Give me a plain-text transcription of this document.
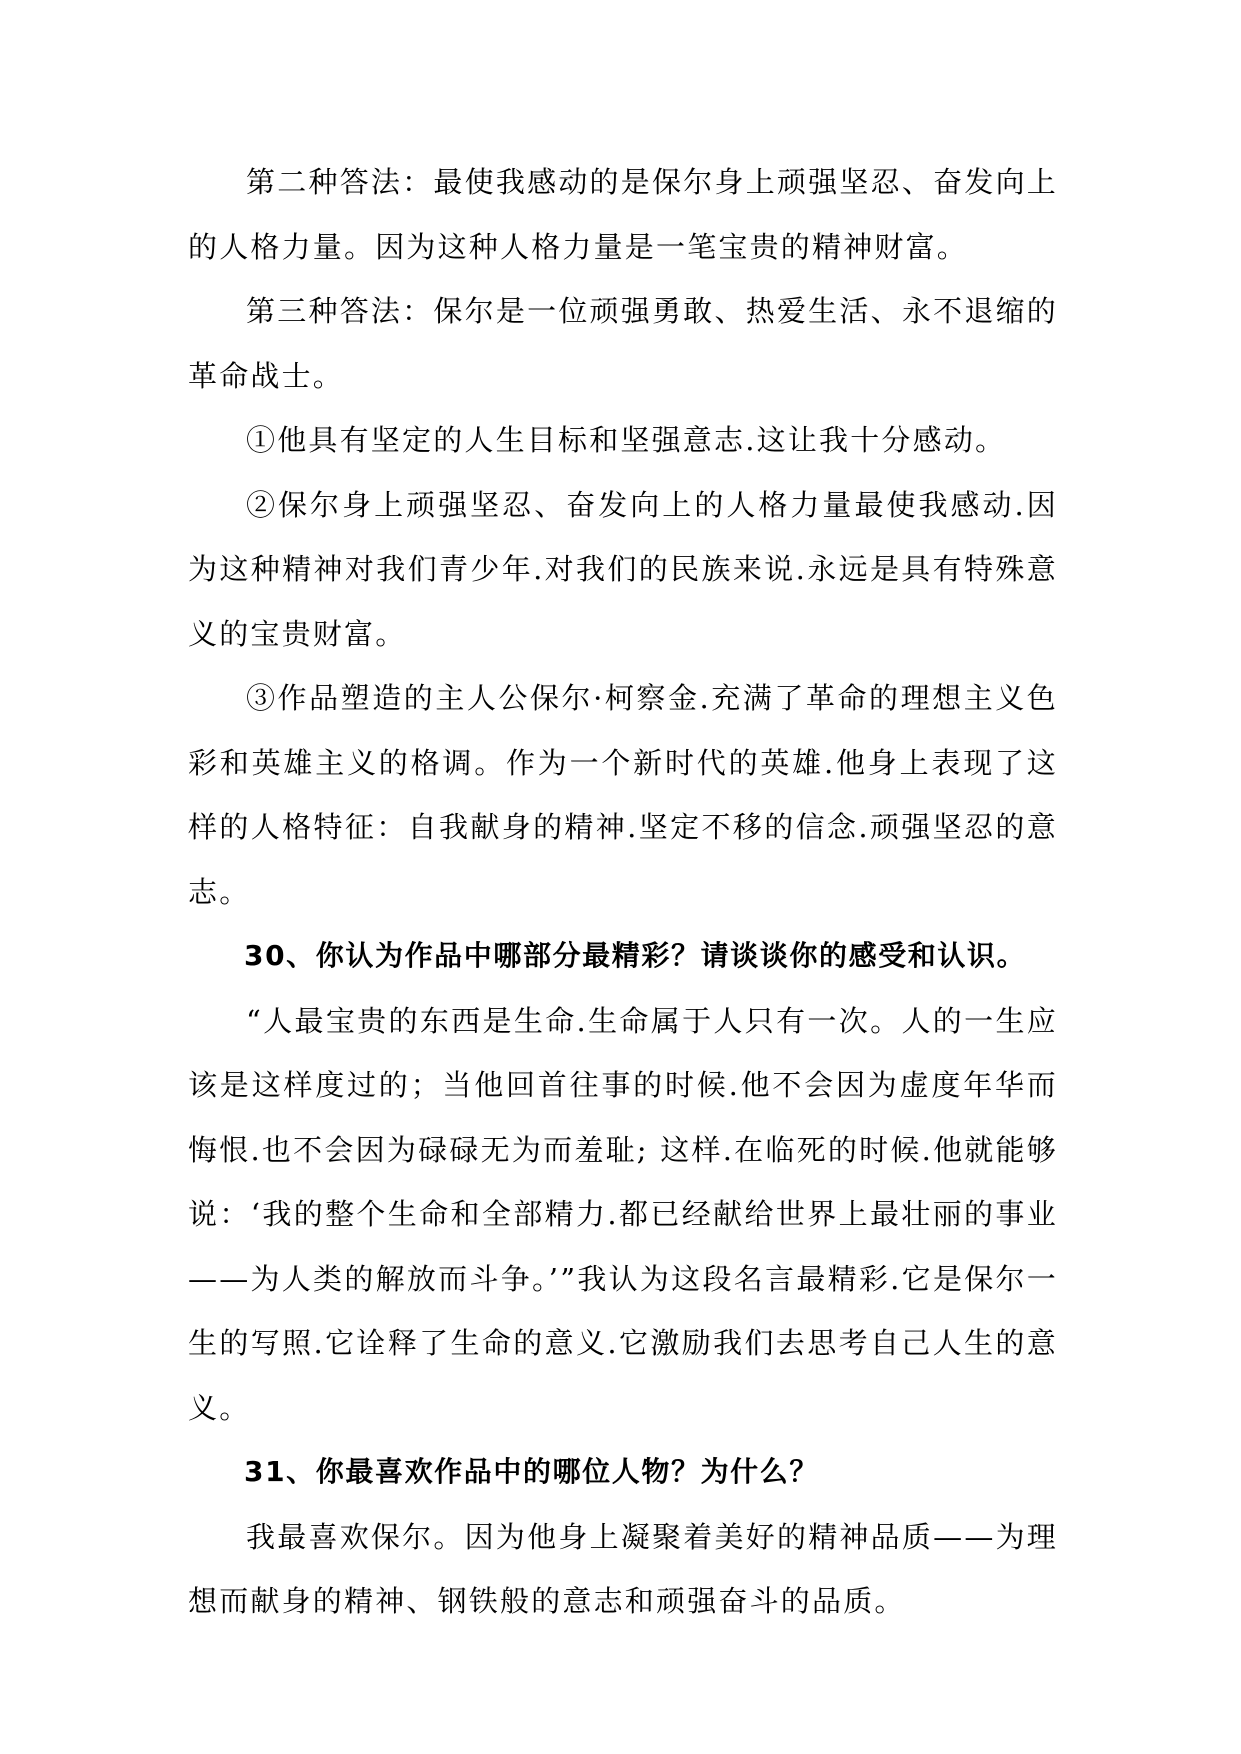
第二种答法：最使我感动的是保尔身上顽强坚忍、奋发向上的人格力量。因为这种人格力量是一笔宝贵的精神财富。

第三种答法：保尔是一位顽强勇敢、热爱生活、永不退缩的革命战士。

①他具有坚定的人生目标和坚强意志.这让我十分感动。

②保尔身上顽强坚忍、奋发向上的人格力量最使我感动.因为这种精神对我们青少年.对我们的民族来说.永远是具有特殊意义的宝贵财富。

③作品塑造的主人公保尔·柯察金.充满了革命的理想主义色彩和英雄主义的格调。作为一个新时代的英雄.他身上表现了这样的人格特征：自我献身的精神.坚定不移的信念.顽强坚忍的意志。

30、你认为作品中哪部分最精彩？请谈谈你的感受和认识。

“人最宝贵的东西是生命.生命属于人只有一次。人的一生应该是这样度过的；当他回首往事的时候.他不会因为虚度年华而悔恨.也不会因为碌碌无为而羞耻; 这样.在临死的时候.他就能够说：‘我的整个生命和全部精力.都已经献给世界上最壮丽的事业——为人类的解放而斗争。’”我认为这段名言最精彩.它是保尔一生的写照.它诠释了生命的意义.它激励我们去思考自己人生的意义。

31、你最喜欢作品中的哪位人物？为什么？

我最喜欢保尔。因为他身上凝聚着美好的精神品质——为理想而献身的精神、钢铁般的意志和顽强奋斗的品质。
